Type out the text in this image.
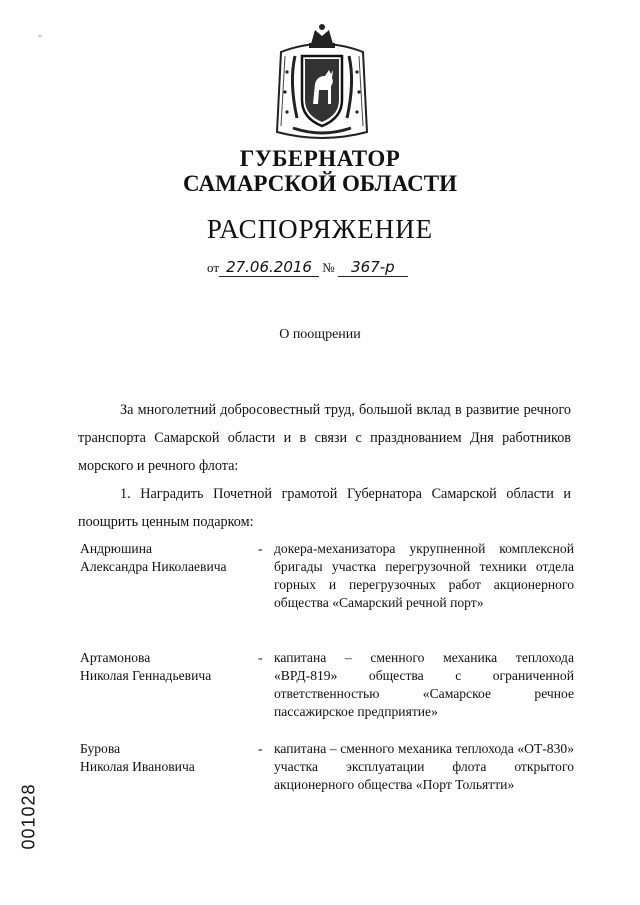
"
ГУБЕРНАТОР
САМАРСКОЙ ОБЛАСТИ
РАСПОРЯЖЕНИЕ
от 27.06.2016 № 367-р
О поощрении
За многолетний добросовестный труд, большой вклад в развитие речного транспорта Самарской области и в связи с празднованием Дня работников морского и речного флота:
1. Наградить Почетной грамотой Губернатора Самарской области и поощрить ценным подарком:
Андрюшина
Александра Николаевича
- докера-механизатора укрупненной комплексной бригады участка перегрузочной техники отдела горных и перегрузочных работ акционерного общества «Самарский речной порт»
Артамонова
Николая Геннадьевича
- капитана – сменного механика теплохода «ВРД-819» общества с ограниченной ответственностью «Самарское речное пассажирское предприятие»
Бурова
Николая Ивановича
- капитана – сменного механика теплохода «ОТ-830» участка эксплуатации флота открытого акционерного общества «Порт Тольятти»
001028
